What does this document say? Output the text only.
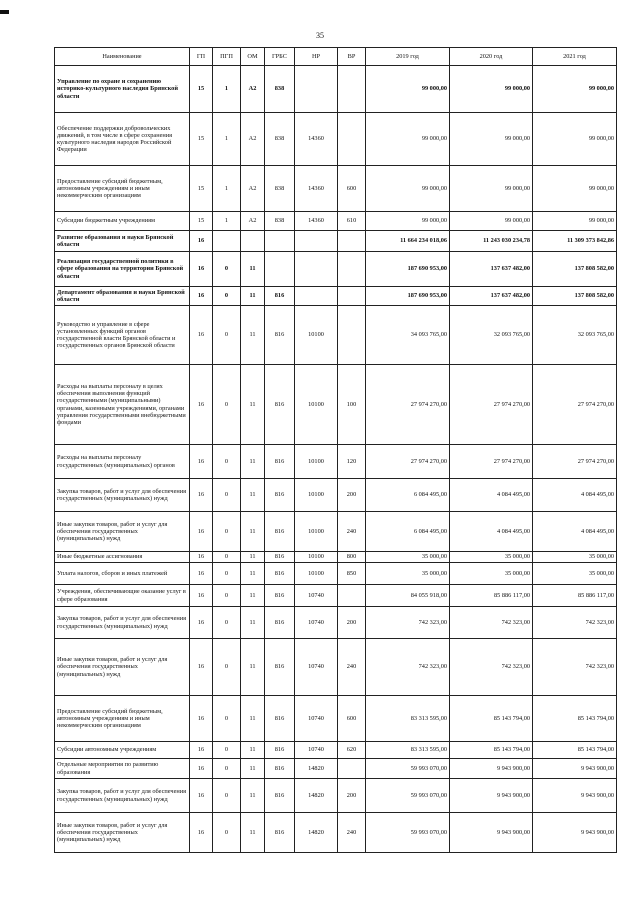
35
Наименование	ГП	ПГП	ОМ	ГРБС	НР	ВР	2019 год	2020 год	2021 год
Управление по охране и сохранению историко-культурного наследия Брянской области	15	1	А2	838			99 000,00	99 000,00	99 000,00
Обеспечение поддержки добровольческих движений, в том числе в сфере сохранения культурного наследия народов Российской Федерации	15	1	А2	838	14360		99 000,00	99 000,00	99 000,00
Предоставление субсидий бюджетным, автономным учреждениям и иным некоммерческим организациям	15	1	А2	838	14360	600	99 000,00	99 000,00	99 000,00
Субсидии бюджетным учреждениям	15	1	А2	838	14360	610	99 000,00	99 000,00	99 000,00
Развитие образования и науки Брянской области	16						11 664 234 018,06	11 243 030 234,78	11 309 373 842,86
Реализация государственной политики в сфере образования на территории Брянской области	16	0	11				187 690 953,00	137 637 482,00	137 808 582,00
Департамент образования и науки Брянской области	16	0	11	816			187 690 953,00	137 637 482,00	137 808 582,00
Руководство и управление в сфере установленных функций органов государственной власти Брянской области и государственных органов Брянской области	16	0	11	816	10100		34 093 765,00	32 093 765,00	32 093 765,00
Расходы на выплаты персоналу в целях обеспечения выполнения функций государственными (муниципальными) органами, казенными учреждениями, органами управления государственными внебюджетными фондами	16	0	11	816	10100	100	27 974 270,00	27 974 270,00	27 974 270,00
Расходы на выплаты персоналу государственных (муниципальных) органов	16	0	11	816	10100	120	27 974 270,00	27 974 270,00	27 974 270,00
Закупка товаров, работ и услуг для обеспечения государственных (муниципальных) нужд	16	0	11	816	10100	200	6 084 495,00	4 084 495,00	4 084 495,00
Иные закупки товаров, работ и услуг для обеспечения государственных (муниципальных) нужд	16	0	11	816	10100	240	6 084 495,00	4 084 495,00	4 084 495,00
Иные бюджетные ассигнования	16	0	11	816	10100	800	35 000,00	35 000,00	35 000,00
Уплата налогов, сборов и иных платежей	16	0	11	816	10100	850	35 000,00	35 000,00	35 000,00
Учреждения, обеспечивающие оказание услуг в сфере образования	16	0	11	816	10740		84 055 918,00	85 886 117,00	85 886 117,00
Закупка товаров, работ и услуг для обеспечения государственных (муниципальных) нужд	16	0	11	816	10740	200	742 323,00	742 323,00	742 323,00
Иные закупки товаров, работ и услуг для обеспечения государственных (муниципальных) нужд	16	0	11	816	10740	240	742 323,00	742 323,00	742 323,00
Предоставление субсидий бюджетным, автономным учреждениям и иным некоммерческим организациям	16	0	11	816	10740	600	83 313 595,00	85 143 794,00	85 143 794,00
Субсидии автономным учреждениям	16	0	11	816	10740	620	83 313 595,00	85 143 794,00	85 143 794,00
Отдельные мероприятия по развитию образования	16	0	11	816	14820		59 993 070,00	9 943 900,00	9 943 900,00
Закупка товаров, работ и услуг для обеспечения государственных (муниципальных) нужд	16	0	11	816	14820	200	59 993 070,00	9 943 900,00	9 943 900,00
Иные закупки товаров, работ и услуг для обеспечения государственных (муниципальных) нужд	16	0	11	816	14820	240	59 993 070,00	9 943 900,00	9 943 900,00
